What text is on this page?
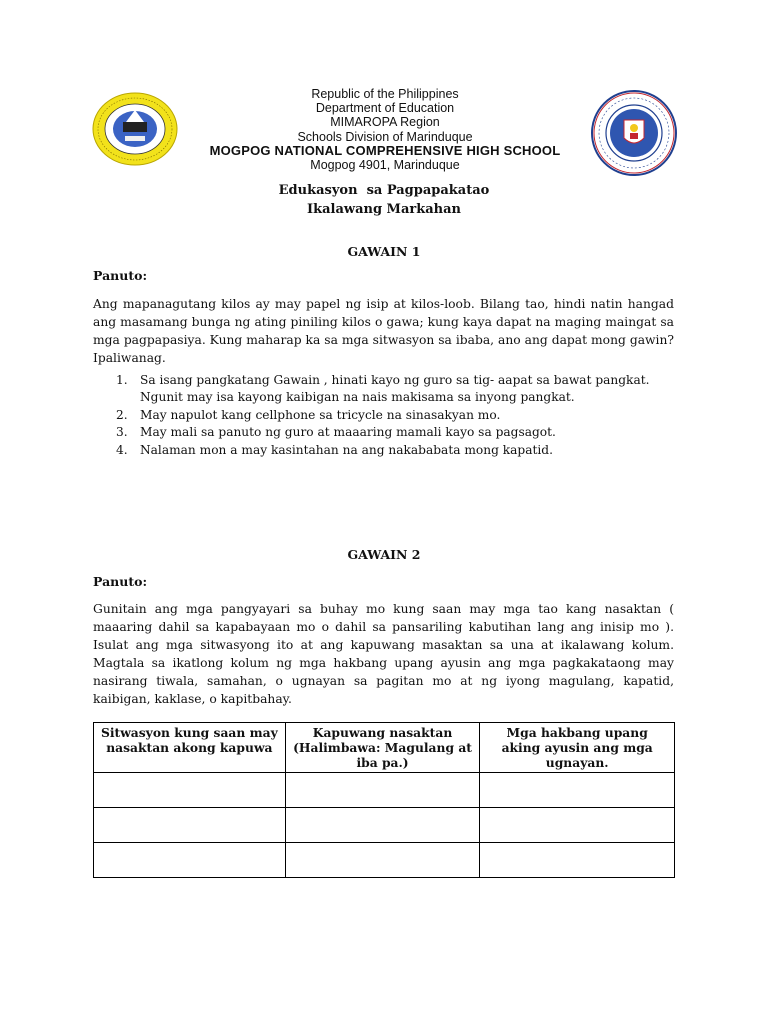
Republic of the Philippines
Department of Education
MIMAROPA Region
Schools Division of Marinduque
MOGPOG NATIONAL COMPREHENSIVE HIGH SCHOOL
Mogpog 4901, Marinduque
Edukasyon  sa Pagpapakatao
Ikalawang Markahan
GAWAIN 1
Panuto:
Ang mapanagutang kilos ay may papel ng isip at kilos-loob. Bilang tao, hindi natin hangad ang masamang bunga ng ating piniling kilos o gawa; kung kaya dapat na maging maingat sa mga pagpapasiya. Kung maharap ka sa mga sitwasyon sa ibaba, ano ang dapat mong gawin? Ipaliwanag.
1. Sa isang pangkatang Gawain , hinati kayo ng guro sa tig- aapat sa bawat pangkat. Ngunit may isa kayong kaibigan na nais makisama sa inyong pangkat.
2. May napulot kang cellphone sa tricycle na sinasakyan mo.
3. May mali sa panuto ng guro at maaaring mamali kayo sa pagsagot.
4. Nalaman mon a may kasintahan na ang nakababata mong kapatid.
GAWAIN 2
Panuto:
Gunitain ang mga pangyayari sa buhay mo kung saan may mga tao kang nasaktan ( maaaring dahil sa kapabayaan mo o dahil sa pansariling kabutihan lang ang inisip mo ). Isulat ang mga sitwasyong ito at ang kapuwang masaktan sa una at ikalawang kolum. Magtala sa ikatlong kolum ng mga hakbang upang ayusin ang mga pagkakataong may nasirang tiwala, samahan, o ugnayan sa pagitan mo at ng iyong magulang, kapatid, kaibigan, kaklase, o kapitbahay.
Sitwasyon kung saan may nasaktan akong kapuwa	Kapuwang nasaktan (Halimbawa: Magulang at iba pa.)	Mga hakbang upang aking ayusin ang mga ugnayan.
